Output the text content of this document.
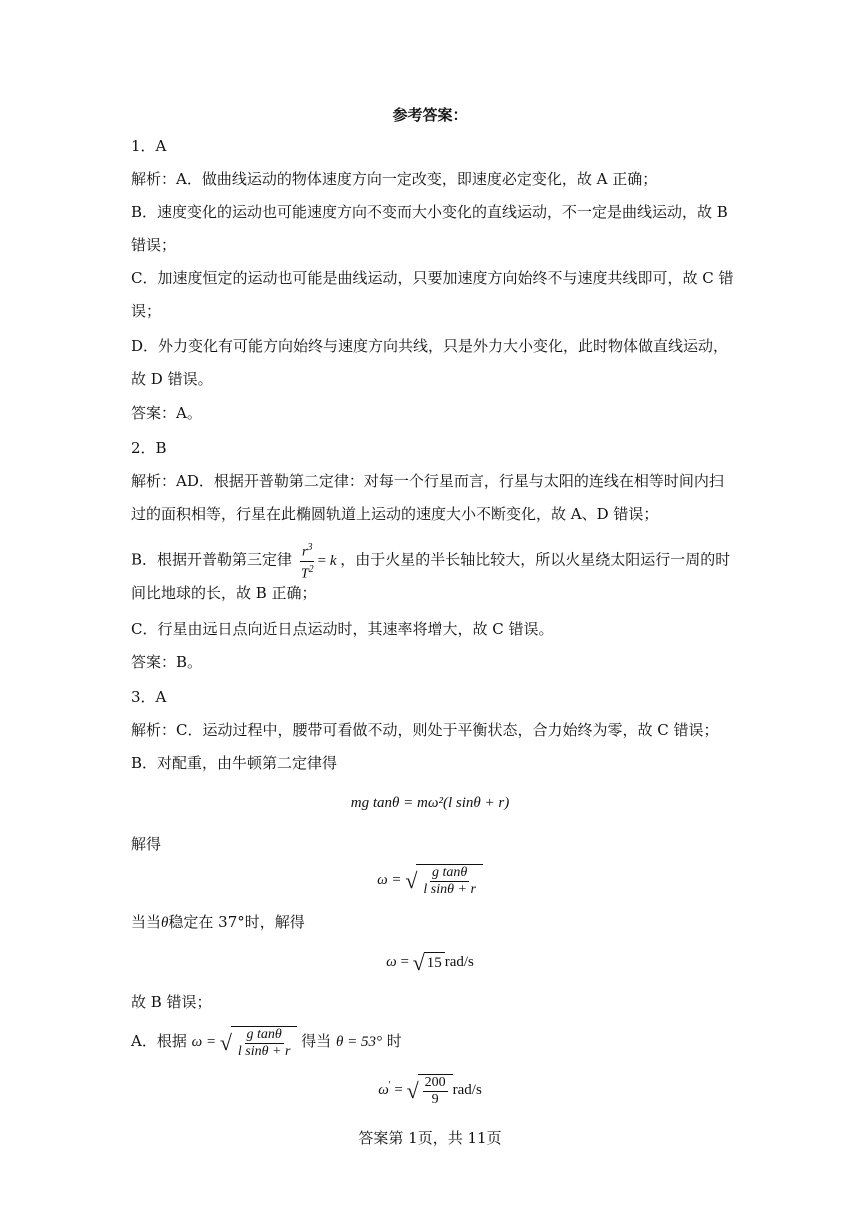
参考答案：
1．A
解析：A．做曲线运动的物体速度方向一定改变，即速度必定变化，故 A 正确；
B．速度变化的运动也可能速度方向不变而大小变化的直线运动，不一定是曲线运动，故 B
错误；
C．加速度恒定的运动也可能是曲线运动，只要加速度方向始终不与速度共线即可，故 C 错
误；
D．外力变化有可能方向始终与速度方向共线，只是外力大小变化，此时物体做直线运动，
故 D 错误。
答案：A。
2．B
解析：AD．根据开普勒第二定律：对每一个行星而言，行星与太阳的连线在相等时间内扫
过的面积相等，行星在此椭圆轨道上运动的速度大小不断变化，故 A、D 错误；
B．根据开普勒第三定律 $\frac{r^3}{T^2} = k$ ，由于火星的半长轴比较大，所以火星绕太阳运行一周的时
间比地球的长，故 B 正确；
C．行星由远日点向近日点运动时，其速率将增大，故 C 错误。
答案：B。
3．A
解析：C．运动过程中，腰带可看做不动，则处于平衡状态，合力始终为零，故 C 错误；
B．对配重，由牛顿第二定律得
mg tanθ = mω²(l sinθ + r)
解得
ω = √ $\frac{\text{g tanθ}}{\text{l sinθ + r}}$
当当θ稳定在 37°时，解得
ω = √ 15 rad/s
故 B 错误；
A．根据 ω = √ $\frac{\text{g tanθ}}{\text{l sinθ + r}}$ 得当 θ = 53° 时
ω' = √ $\frac{200}{9} rad/s$
答案第 1页，共 11页
